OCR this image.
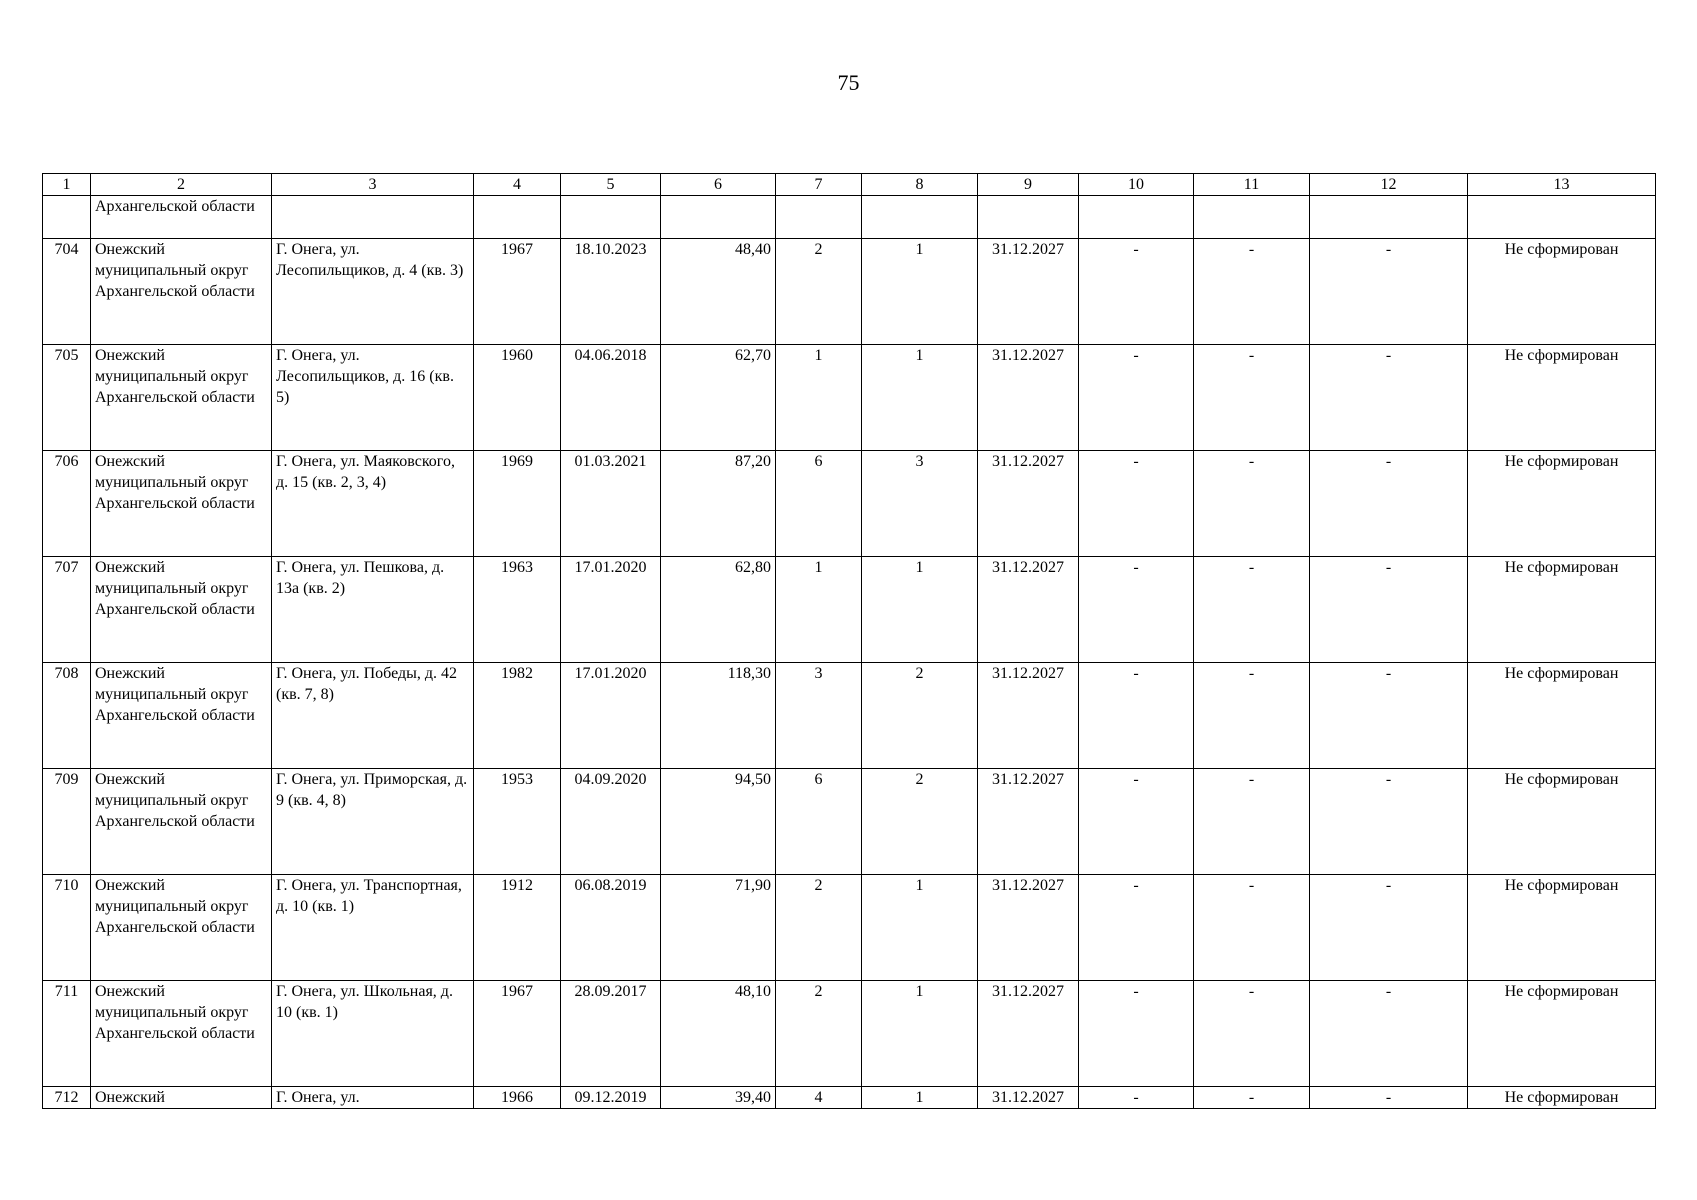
75
1	2	3	4	5	6	7	8	9	10	11	12	13
	Архангельской области											
704	Онежский муниципальный округ Архангельской области	Г. Онега, ул. Лесопильщиков, д. 4 (кв. 3)	1967	18.10.2023	48,40	2	1	31.12.2027	-	-	-	Не сформирован
705	Онежский муниципальный округ Архангельской области	Г. Онега, ул. Лесопильщиков, д. 16 (кв. 5)	1960	04.06.2018	62,70	1	1	31.12.2027	-	-	-	Не сформирован
706	Онежский муниципальный округ Архангельской области	Г. Онега, ул. Маяковского, д. 15 (кв. 2, 3, 4)	1969	01.03.2021	87,20	6	3	31.12.2027	-	-	-	Не сформирован
707	Онежский муниципальный округ Архангельской области	Г. Онега, ул. Пешкова, д. 13а (кв. 2)	1963	17.01.2020	62,80	1	1	31.12.2027	-	-	-	Не сформирован
708	Онежский муниципальный округ Архангельской области	Г. Онега, ул. Победы, д. 42 (кв. 7, 8)	1982	17.01.2020	118,30	3	2	31.12.2027	-	-	-	Не сформирован
709	Онежский муниципальный округ Архангельской области	Г. Онега, ул. Приморская, д. 9 (кв. 4, 8)	1953	04.09.2020	94,50	6	2	31.12.2027	-	-	-	Не сформирован
710	Онежский муниципальный округ Архангельской области	Г. Онега, ул. Транспортная, д. 10 (кв. 1)	1912	06.08.2019	71,90	2	1	31.12.2027	-	-	-	Не сформирован
711	Онежский муниципальный округ Архангельской области	Г. Онега, ул. Школьная, д. 10 (кв. 1)	1967	28.09.2017	48,10	2	1	31.12.2027	-	-	-	Не сформирован
712	Онежский	Г. Онега, ул.	1966	09.12.2019	39,40	4	1	31.12.2027	-	-	-	Не сформирован
